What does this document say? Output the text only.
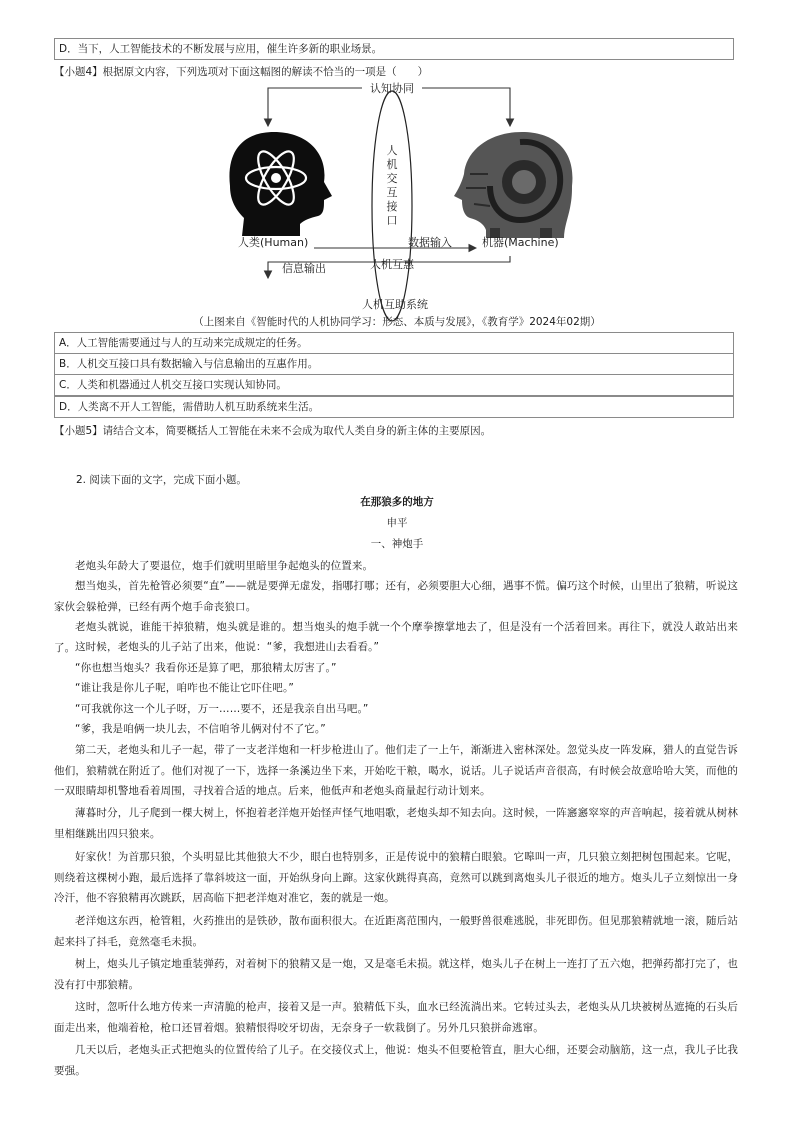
D．当下，人工智能技术的不断发展与应用，催生许多新的职业场景。
【小题4】根据原文内容，下列选项对下面这幅图的解读不恰当的一项是（　　）
认知协同
人
机
交
互
接
口
人类(Human)	机器(Machine)
数据输入
信息输出	人机互惠
人机互助系统
（上图来自《智能时代的人机协同学习：形态、本质与发展》，《教育学》2024年02期）
A．人工智能需要通过与人的互动来完成规定的任务。
B．人机交互接口具有数据输入与信息输出的互惠作用。
C．人类和机器通过人机交互接口实现认知协同。
D．人类离不开人工智能，需借助人机互助系统来生活。
【小题5】请结合文本，简要概括人工智能在未来不会成为取代人类自身的新主体的主要原因。
2. 阅读下面的文字，完成下面小题。
在那狼多的地方
申平
一、神炮手

老炮头年龄大了要退位，炮手们就明里暗里争起炮头的位置来。

想当炮头，首先枪管必须要“直”——就是要弹无虚发，指哪打哪；还有，必须要胆大心细，遇事不慌。偏巧这个时候，山里出了狼精，听说这家伙会躲枪弹，已经有两个炮手命丧狼口。

老炮头就说，谁能干掉狼精，炮头就是谁的。想当炮头的炮手就一个个摩拳擦掌地去了，但是没有一个活着回来。再往下，就没人敢站出来了。 这时候，老炮头的儿子站了出来，他说：“爹，我想进山去看看。”

“你也想当炮头？我看你还是算了吧，那狼精太厉害了。”

“谁让我是你儿子呢，咱咋也不能让它吓住吧。”

“可我就你这一个儿子呀，万一……要不，还是我亲自出马吧。”

“爹，我是咱俩一块儿去，不信咱爷儿俩对付不了它。”

第二天，老炮头和儿子一起，带了一支老洋炮和一杆步枪进山了。他们走了一上午，渐渐进入密林深处。忽觉头皮一阵发麻，猎人的直觉告诉他们，狼精就在附近了。他们对视了一下，选择一条溪边坐下来，开始吃干粮，喝水，说话。儿子说话声音很高，有时候会故意哈哈大笑，而他的一双眼睛却机警地看着周围，寻找着合适的地点。后来，他低声和老炮头商量起行动计划来。

薄暮时分，儿子爬到一棵大树上，怀抱着老洋炮开始怪声怪气地唱歌，老炮头却不知去向。这时候，一阵窸窸窣窣的声音响起，接着就从树林里相继跳出四只狼来。

好家伙！为首那只狼，个头明显比其他狼大不少，眼白也特别多，正是传说中的狼精白眼狼。它嗥叫一声，几只狼立刻把树包围起来。它呢，则绕着这棵树小跑，最后选择了靠斜坡这一面，开始纵身向上蹿。这家伙跳得真高，竟然可以跳到离炮头儿子很近的地方。炮头儿子立刻惊出一身冷汗，他不容狼精再次跳跃，居高临下把老洋炮对准它，轰的就是一炮。

老洋炮这东西，枪管粗，火药推出的是铁砂，散布面积很大。在近距离范围内，一般野兽很难逃脱，非死即伤。但见那狼精就地一滚，随后站起来抖了抖毛，竟然毫毛未损。

树上，炮头儿子镇定地重装弹药，对着树下的狼精又是一炮，又是毫毛未损。就这样，炮头儿子在树上一连打了五六炮，把弹药都打完了，也没有打中那狼精。

这时，忽听什么地方传来一声清脆的枪声，接着又是一声。狼精低下头，血水已经流淌出来。它转过头去，老炮头从几块被树丛遮掩的石头后面走出来，他端着枪，枪口还冒着烟。狼精恨得咬牙切齿，无奈身子一软栽倒了。另外几只狼拼命逃窜。

几天以后，老炮头正式把炮头的位置传给了儿子。在交接仪式上，他说：炮头不但要枪管直，胆大心细，还要会动脑筋，这一点，我儿子比我要强。
